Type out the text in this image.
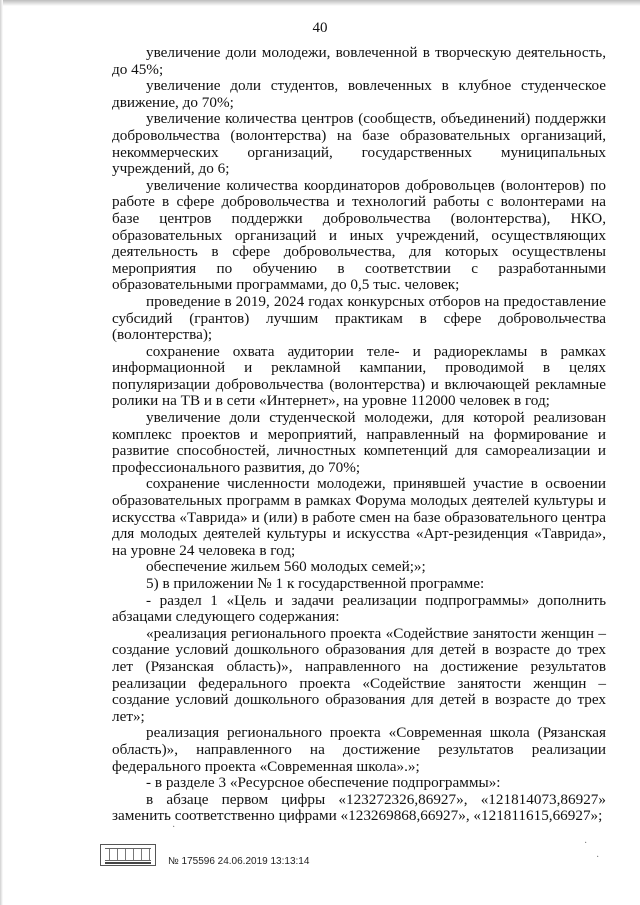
40

увеличение доли молодежи, вовлеченной в творческую деятельность, до 45%;

увеличение доли студентов, вовлеченных в клубное студенческое движение, до 70%;

увеличение количества центров (сообществ, объединений) поддержки добровольчества (волонтерства) на базе образовательных организаций, некоммерческих организаций, государственных муниципальных учреждений, до 6;

увеличение количества координаторов добровольцев (волонтеров) по работе в сфере добровольчества и технологий работы с волонтерами на базе центров поддержки добровольчества (волонтерства), НКО, образовательных организаций и иных учреждений, осуществляющих деятельность в сфере добровольчества, для которых осуществлены мероприятия по обучению в соответствии с разработанными образовательными программами, до 0,5 тыс. человек;

проведение в 2019, 2024 годах конкурсных отборов на предоставление субсидий (грантов) лучшим практикам в сфере добровольчества (волонтерства);

сохранение охвата аудитории теле- и радиорекламы в рамках информационной и рекламной кампании, проводимой в целях популяризации добровольчества (волонтерства) и включающей рекламные ролики на ТВ и в сети «Интернет», на уровне 112000 человек в год;

увеличение доли студенческой молодежи, для которой реализован комплекс проектов и мероприятий, направленный на формирование и развитие способностей, личностных компетенций для самореализации и профессионального развития, до 70%;

сохранение численности молодежи, принявшей участие в освоении образовательных программ в рамках Форума молодых деятелей культуры и искусства «Таврида» и (или) в работе смен на базе образовательного центра для молодых деятелей культуры и искусства «Арт-резиденция «Таврида», на уровне 24 человека в год;

обеспечение жильем 560 молодых семей;»;

5) в приложении № 1 к государственной программе:

- раздел 1 «Цель и задачи реализации подпрограммы» дополнить абзацами следующего содержания:

«реализация регионального проекта «Содействие занятости женщин – создание условий дошкольного образования для детей в возрасте до трех лет (Рязанская область)», направленного на достижение результатов реализации федерального проекта «Содействие занятости женщин – создание условий дошкольного образования для детей в возрасте до трех лет»;

реализация регионального проекта «Современная школа (Рязанская область)», направленного на достижение результатов реализации федерального проекта «Современная школа».»;

- в разделе 3 «Ресурсное обеспечение подпрограммы»:

в абзаце первом цифры «123272326,86927», «121814073,86927» заменить соответственно цифрами «123269868,66927», «121811615,66927»;

№ 175596 24.06.2019 13:13:14
·
·
·
